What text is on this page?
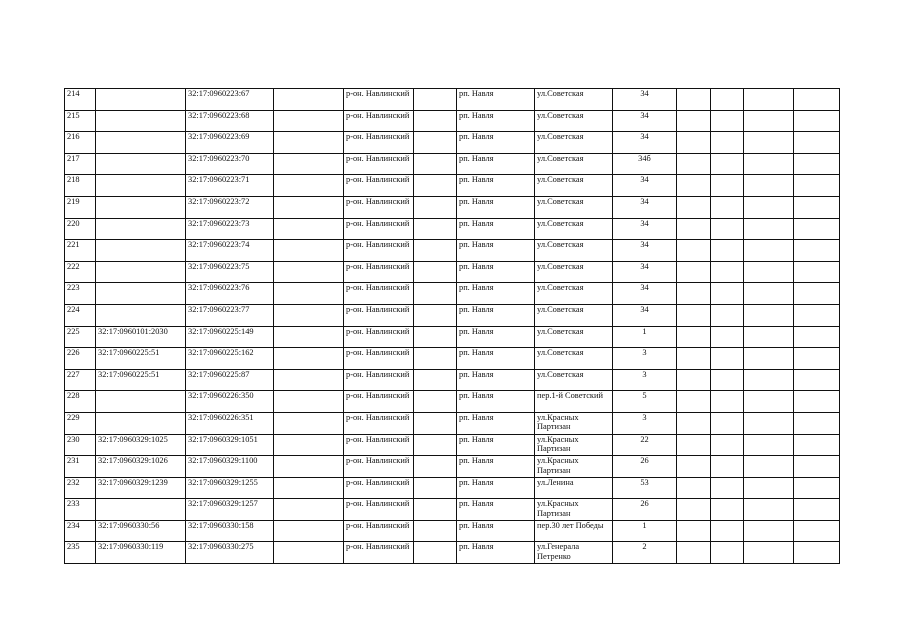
214		32:17:0960223:67		р-он. Навлинский		рп. Навля	ул.Советская	34				
215		32:17:0960223:68		р-он. Навлинский		рп. Навля	ул.Советская	34				
216		32:17:0960223:69		р-он. Навлинский		рп. Навля	ул.Советская	34				
217		32:17:0960223:70		р-он. Навлинский		рп. Навля	ул.Советская	34б				
218		32:17:0960223:71		р-он. Навлинский		рп. Навля	ул.Советская	34				
219		32:17:0960223:72		р-он. Навлинский		рп. Навля	ул.Советская	34				
220		32:17:0960223:73		р-он. Навлинский		рп. Навля	ул.Советская	34				
221		32:17:0960223:74		р-он. Навлинский		рп. Навля	ул.Советская	34				
222		32:17:0960223:75		р-он. Навлинский		рп. Навля	ул.Советская	34				
223		32:17:0960223:76		р-он. Навлинский		рп. Навля	ул.Советская	34				
224		32:17:0960223:77		р-он. Навлинский		рп. Навля	ул.Советская	34				
225	32:17:0960101:2030	32:17:0960225:149		р-он. Навлинский		рп. Навля	ул.Советская	1				
226	32:17:0960225:51	32:17:0960225:162		р-он. Навлинский		рп. Навля	ул.Советская	3				
227	32:17:0960225:51	32:17:0960225:87		р-он. Навлинский		рп. Навля	ул.Советская	3				
228		32:17:0960226:350		р-он. Навлинский		рп. Навля	пер.1-й Советский	5				
229		32:17:0960226:351		р-он. Навлинский		рп. Навля	ул.Красных Партизан	3				
230	32:17:0960329:1025	32:17:0960329:1051		р-он. Навлинский		рп. Навля	ул.Красных Партизан	22				
231	32:17:0960329:1026	32:17:0960329:1100		р-он. Навлинский		рп. Навля	ул.Красных Партизан	26				
232	32:17:0960329:1239	32:17:0960329:1255		р-он. Навлинский		рп. Навля	ул.Ленина	53				
233		32:17:0960329:1257		р-он. Навлинский		рп. Навля	ул.Красных Партизан	26				
234	32:17:0960330:56	32:17:0960330:158		р-он. Навлинский		рп. Навля	пер.30 лет Победы	1				
235	32:17:0960330:119	32:17:0960330:275		р-он. Навлинский		рп. Навля	ул.Генерала Петренко	2				
